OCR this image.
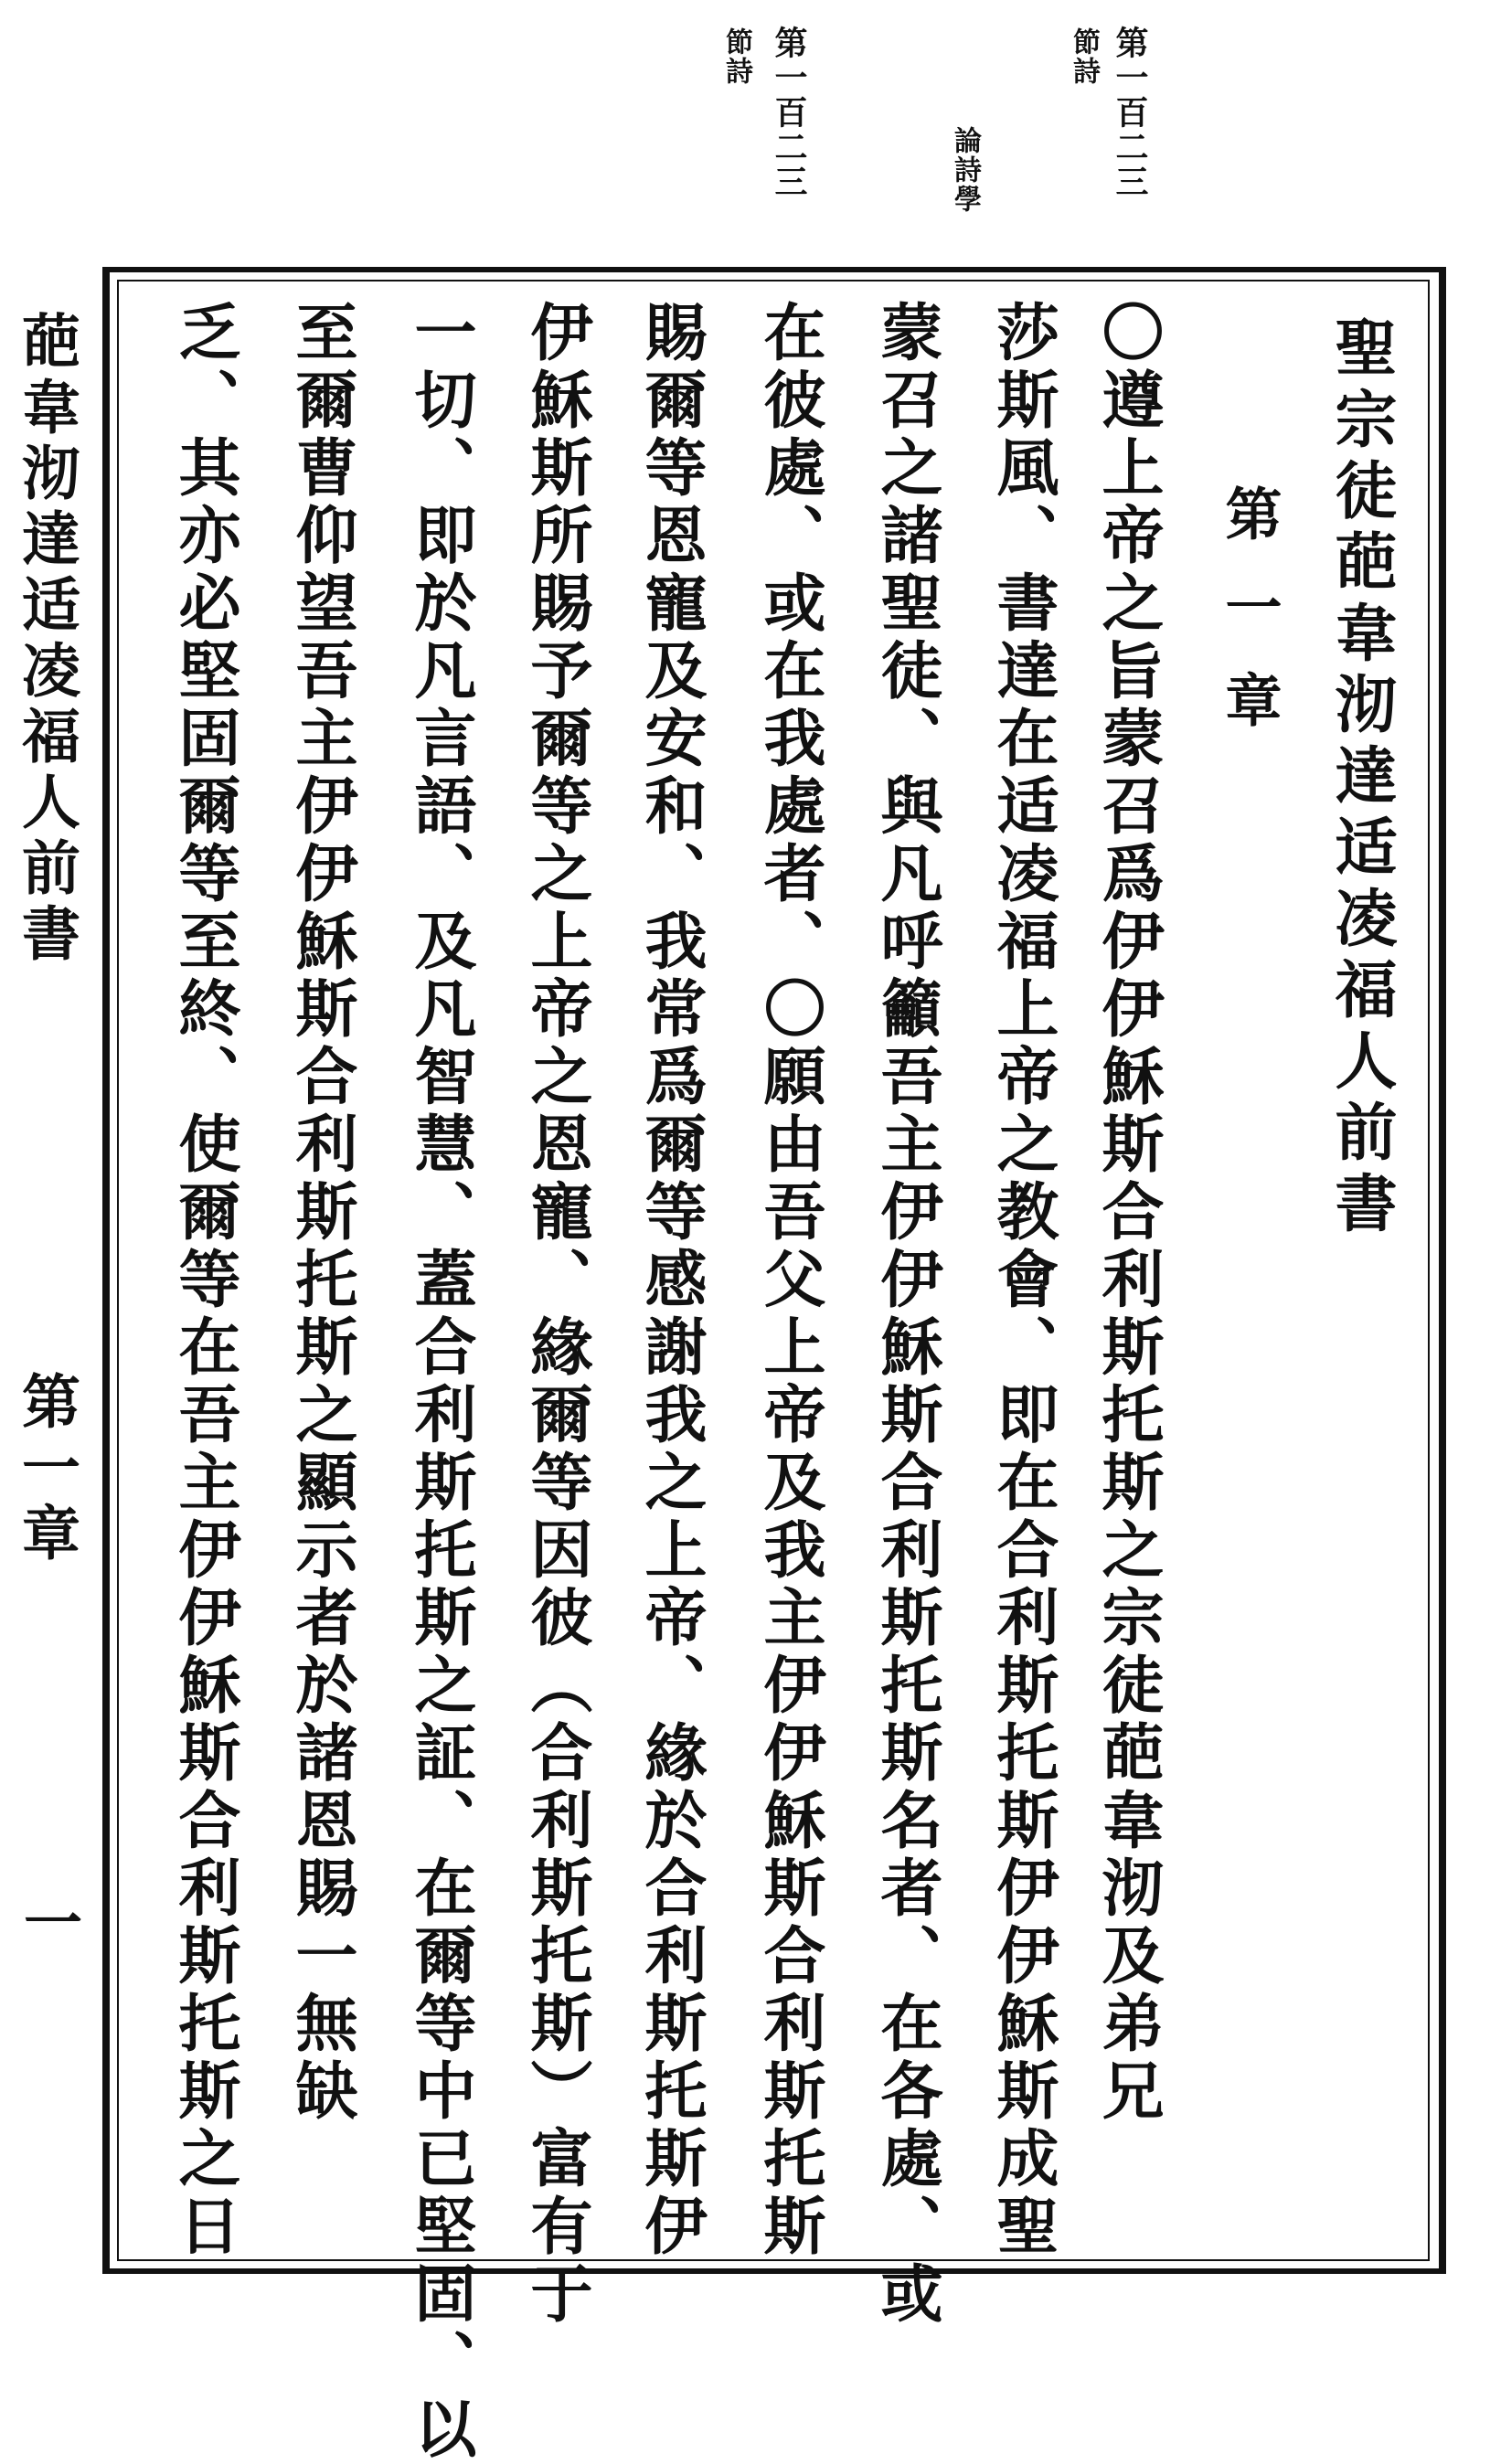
第一百二三
節詩
論詩學
第一百二三
節詩
聖宗徒葩韋沏達适凌福人前書
第一章
〇遵上帝之旨蒙召爲伊伊穌斯合利斯托斯之宗徒葩韋沏及弟兄
莎斯風、書達在适凌福上帝之教會、即在合利斯托斯伊伊穌斯成聖
蒙召之諸聖徒、與凡呼籲吾主伊伊穌斯合利斯托斯名者、在各處、或
在彼處、或在我處者、〇願由吾父上帝及我主伊伊穌斯合利斯托斯
賜爾等恩寵及安和、我常爲爾等感謝我之上帝、緣於合利斯托斯伊
伊穌斯所賜予爾等之上帝之恩寵、緣爾等因彼（合利斯托斯）富有于
一切、即於凡言語、及凡智慧、蓋合利斯托斯之証、在爾等中已堅固、以
至爾曹仰望吾主伊伊穌斯合利斯托斯之顯示者於諸恩賜一無缺
乏、其亦必堅固爾等至終、使爾等在吾主伊伊穌斯合利斯托斯之日
葩韋沏達适凌福人前書
第一章
一
